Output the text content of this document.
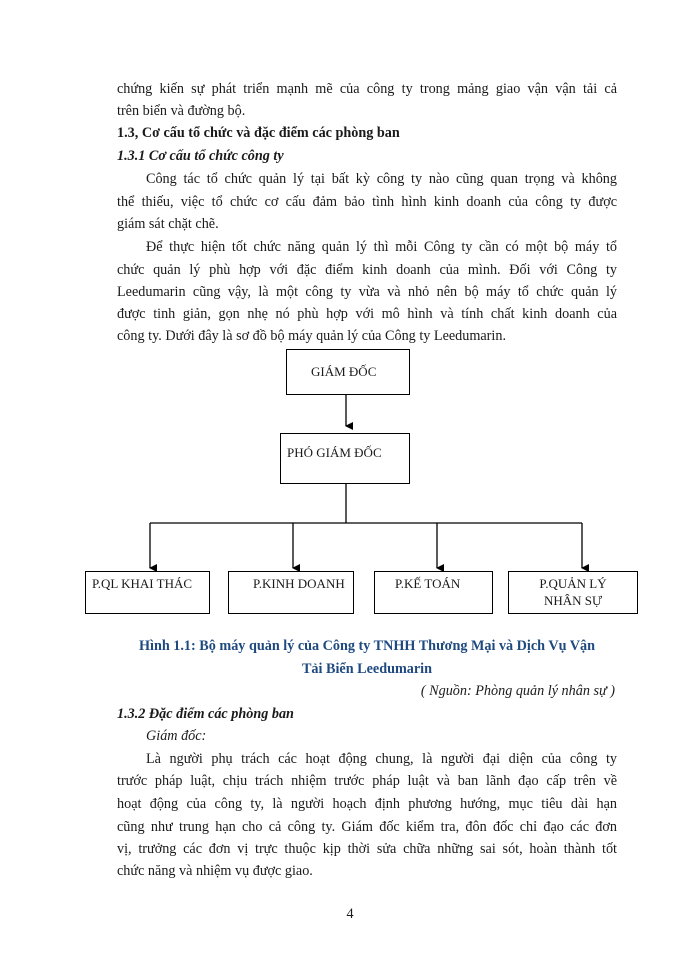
chứng kiến sự phát triển mạnh mẽ của công ty trong mảng giao vận vận tải cả
trên biển và đường bộ.
1.3, Cơ cấu tổ chức và đặc điểm các phòng ban
1.3.1 Cơ cấu tổ chức công ty
Công tác tổ chức quản lý tại bất kỳ công ty nào cũng quan trọng và không
thể thiếu, việc tổ chức cơ cấu đảm bảo tình hình kinh doanh của công ty được
giám sát chặt chẽ.
Để thực hiện tốt chức năng quản lý thì mỗi Công ty cần có một bộ máy tổ
chức quản lý phù hợp với đặc điểm kinh doanh của mình. Đối với Công ty
Leedumarin cũng vậy, là một công ty vừa và nhỏ nên bộ máy tổ chức quản lý
được tinh giản, gọn nhẹ nó phù hợp với mô hình và tính chất kinh doanh của
công ty. Dưới đây là sơ đồ bộ máy quản lý của Công ty Leedumarin.
GIÁM ĐỐC
PHÓ GIÁM ĐỐC
P.QL KHAI THÁC	P.KINH DOANH	P.KẾ TOÁN	P.QUẢN LÝ
NHÂN SỰ
Hình 1.1: Bộ máy quản lý của Công ty TNHH Thương Mại và Dịch Vụ Vận
Tải Biển Leedumarin
( Nguồn: Phòng quản lý nhân sự )
1.3.2 Đặc điểm các phòng ban
Giám đốc:
Là người phụ trách các hoạt động chung, là người đại diện của công ty
trước pháp luật, chịu trách nhiệm trước pháp luật và ban lãnh đạo cấp trên về
hoạt động của công ty, là người hoạch định phương hướng, mục tiêu dài hạn
cũng như trung hạn cho cả công ty. Giám đốc kiểm tra, đôn đốc chỉ đạo các đơn
vị, trưởng các đơn vị trực thuộc kịp thời sửa chữa những sai sót, hoàn thành tốt
chức năng và nhiệm vụ được giao.
4
